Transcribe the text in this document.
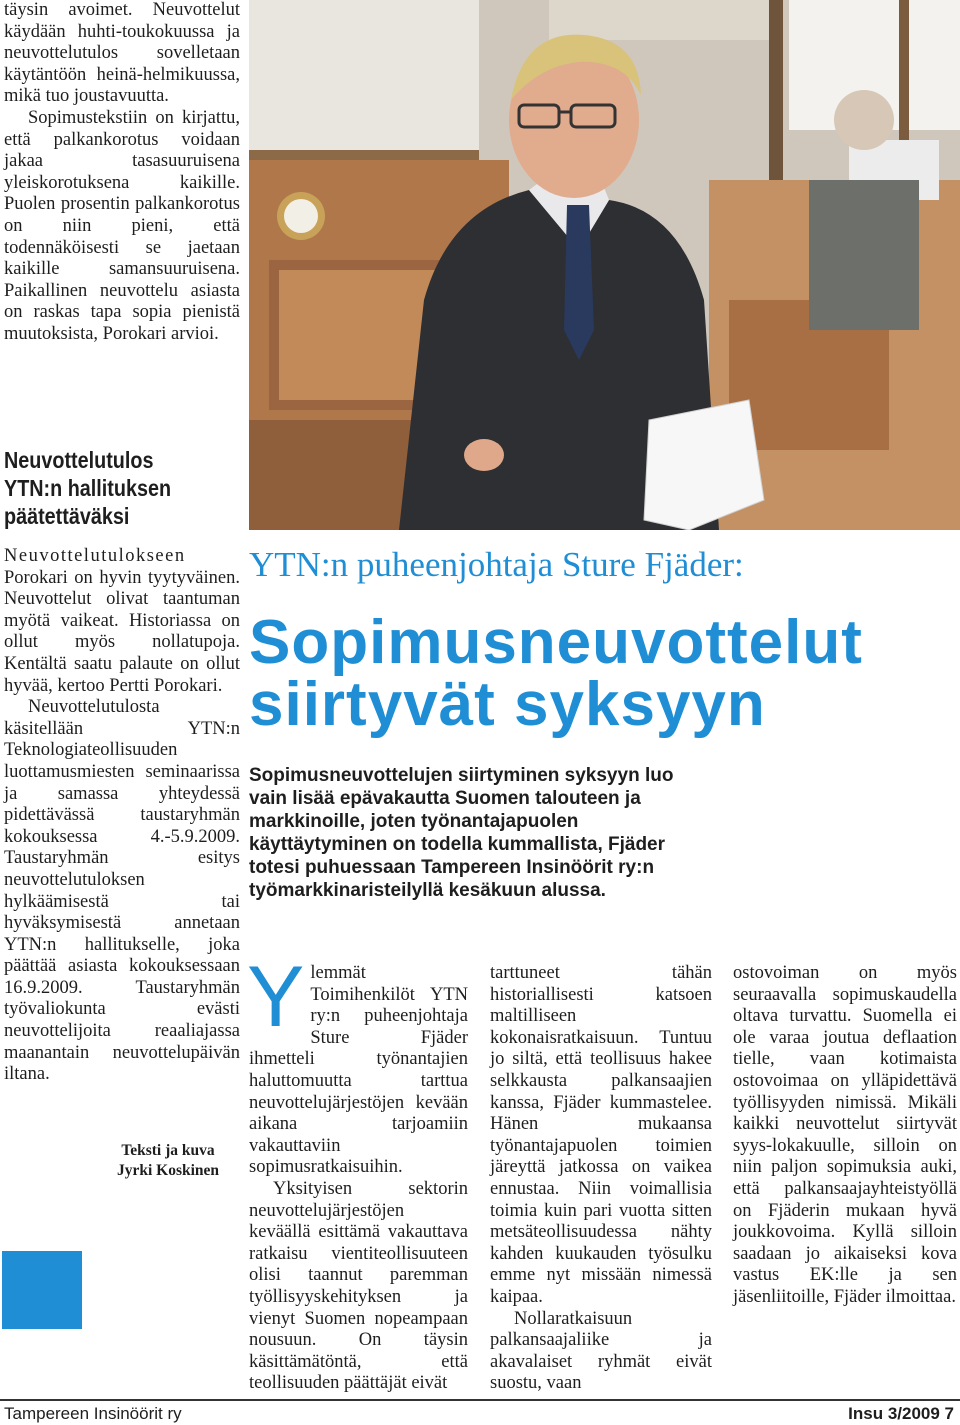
täysin avoimet. Neuvottelut käydään huhti-toukokuussa ja neuvottelutulos sovelletaan käytäntöön heinä-helmikuussa, mikä tuo joustavuutta.

Sopimustekstiin on kirjattu, että palkankorotus voidaan jakaa tasasuuruisena yleiskorotuksena kaikille. Puolen prosentin palkankorotus on niin pieni, että todennäköisesti se jaetaan kaikille samansuuruisena. Paikallinen neuvottelu asiasta on raskas tapa sopia pienistä muutoksista, Porokari arvioi.

Neuvottelutulos YTN:n hallituksen päätettäväksi

Neuvottelutulokseen Porokari on hyvin tyytyväinen. Neuvottelut olivat taantuman myötä vaikeat. Historiassa on ollut myös nollatupoja. Kentältä saatu palaute on ollut hyvää, kertoo Pertti Porokari.

Neuvottelutulosta käsitellään YTN:n Teknologiateollisuuden luottamusmiesten seminaarissa ja samassa yhteydessä pidettävässä taustaryhmän kokouksessa 4.-5.9.2009. Taustaryhmän esitys neuvottelutuloksen hylkäämisestä tai hyväksymisestä annetaan YTN:n hallitukselle, joka päättää asiasta kokouksessaan 16.9.2009. Taustaryhmän työvaliokunta evästi neuvottelijoita reaaliajassa maanantain neuvottelupäivän iltana.

Teksti ja kuva
Jyrki Koskinen
YTN:n puheenjohtaja Sture Fjäder:
Sopimusneuvottelut
siirtyvät syksyyn
Sopimusneuvottelujen siirtyminen syksyyn luo vain lisää epävakautta Suomen talouteen ja markkinoille, joten työnantajapuolen käyttäytyminen on todella kummallista, Fjäder totesi puhuessaan Tampereen Insinöörit ry:n työmarkkinaristeilyllä kesäkuun alussa.

Ylemmät Toimihenkilöt YTN ry:n puheenjohtaja Sture Fjäder ihmetteli työnantajien haluttomuutta tarttua neuvottelujärjestöjen kevään aikana tarjoamiin vakauttaviin sopimusratkaisuihin.

Yksityisen sektorin neuvottelujärjestöjen keväällä esittämä vakauttava ratkaisu vientiteollisuuteen olisi taannut paremman työllisyyskehityksen ja vienyt Suomen nopeampaan nousuun. On täysin käsittämätöntä, että teollisuuden päättäjät eivät

tarttuneet tähän historiallisesti katsoen maltilliseen kokonaisratkaisuun. Tuntuu jo siltä, että teollisuus hakee selkkausta palkansaajien kanssa, Fjäder kummastelee. Hänen mukaansa työnantajapuolen toimien järeyttä jatkossa on vaikea ennustaa. Niin voimallisia toimia kuin pari vuotta sitten metsäteollisuudessa nähty kahden kuukauden työsulku emme nyt missään nimessä kaipaa.

Nollaratkaisuun palkansaajaliike ja akavalaiset ryhmät eivät suostu, vaan

ostovoiman on myös seuraavalla sopimuskaudella oltava turvattu. Suomella ei ole varaa joutua deflaation tielle, vaan kotimaista ostovoimaa on ylläpidettävä työllisyyden nimissä. Mikäli kaikki neuvottelut siirtyvät syys-lokakuulle, silloin on niin paljon sopimuksia auki, että palkansaajayhteistyöllä on Fjäderin mukaan hyvä joukkovoima. Kyllä silloin saadaan jo aikaiseksi kova vastus EK:lle ja sen jäsenliitoille, Fjäder ilmoittaa.

Tampereen Insinöörit ry	Insu 3/2009 7
